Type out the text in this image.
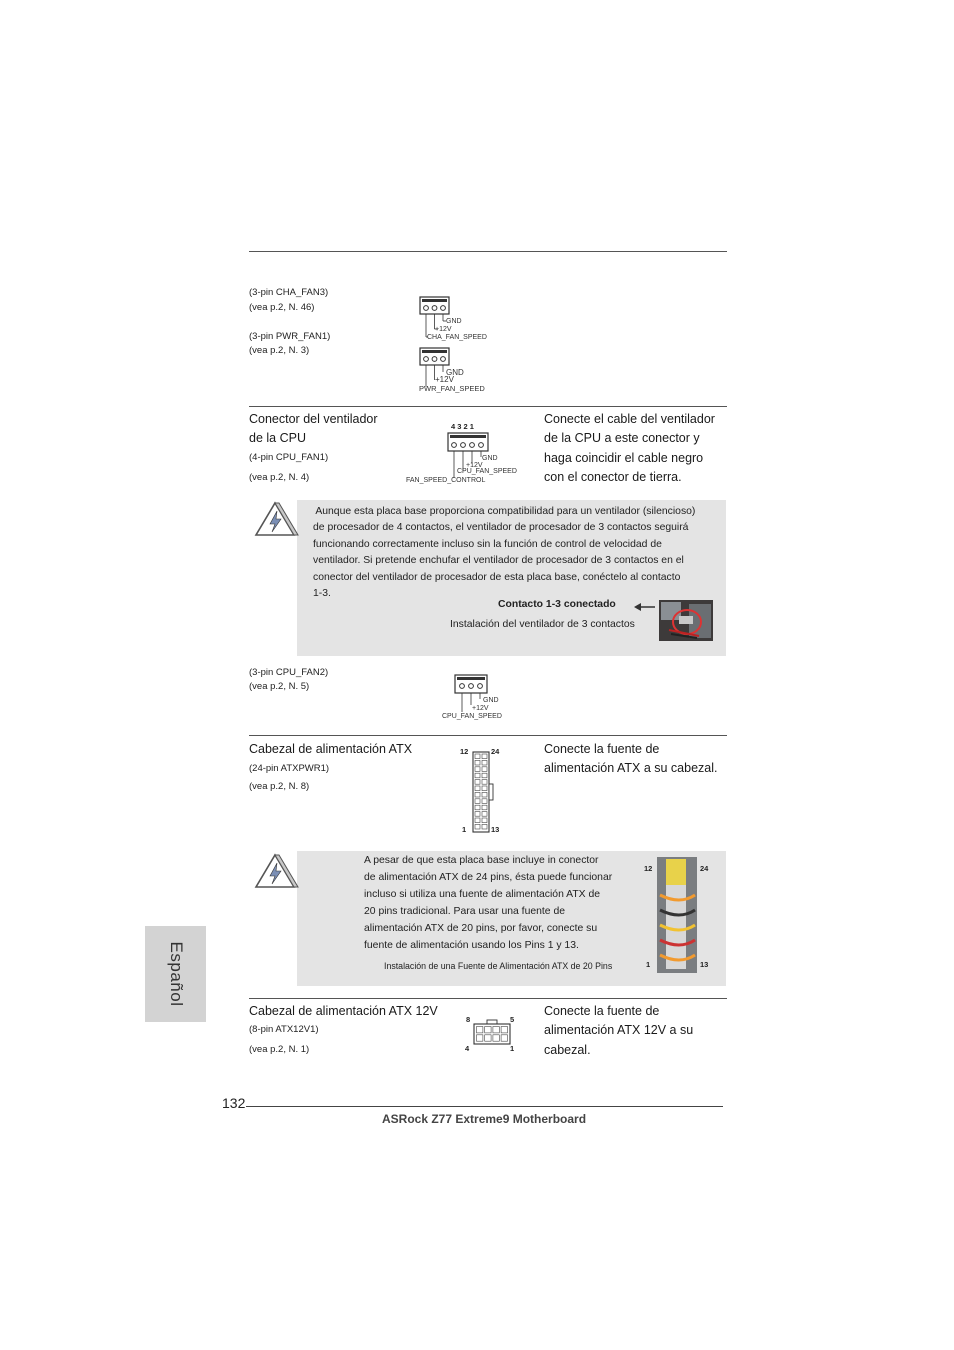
(3-pin CHA_FAN3)
(vea p.2, N. 46)
GND
+12V
CHA_FAN_SPEED
(3-pin PWR_FAN1)
(vea p.2, N. 3)
GND
+12V
PWR_FAN_SPEED
Conector del ventilador
de la CPU
(4-pin CPU_FAN1)
(vea p.2, N. 4)
4 3 2 1
GND
+12V
CPU_FAN_SPEED
FAN_SPEED_CONTROL
Conecte el cable del ventilador
de la CPU a este conector y
haga coincidir el cable negro
con el conector de tierra.
Aunque esta placa base proporciona compatibilidad para un ventilador (silencioso)
de procesador de 4 contactos, el ventilador de procesador de 3 contactos seguirá
funcionando correctamente incluso sin la función de control de velocidad de
ventilador. Si pretende enchufar el ventilador de procesador de 3 contactos en el
conector del ventilador de procesador de esta placa base, conéctelo al contacto
1-3.
Contacto 1-3 conectado
Instalación del ventilador de 3 contactos
(3-pin CPU_FAN2)
(vea p.2, N. 5)
GND
+12V
CPU_FAN_SPEED
Cabezal de alimentación ATX
(24-pin ATXPWR1)
(vea p.2, N. 8)
12	24
1	13
Conecte la fuente de
alimentación ATX a su cabezal.
A pesar de que esta placa base incluye in conector
de alimentación ATX de 24 pins, ésta puede funcionar
incluso si utiliza una fuente de alimentación ATX de
20 pins tradicional. Para usar una fuente de
alimentación ATX de 20 pins, por favor, conecte su
fuente de alimentación usando los Pins 1 y 13.
Instalación de una Fuente de Alimentación ATX de 20 Pins
12	24
1	13
Cabezal de alimentación ATX 12V
(8-pin ATX12V1)
(vea p.2, N. 1)
8	5
4	1
Conecte la fuente de
alimentación ATX 12V a su
cabezal.
Español
132
ASRock Z77 Extreme9 Motherboard
